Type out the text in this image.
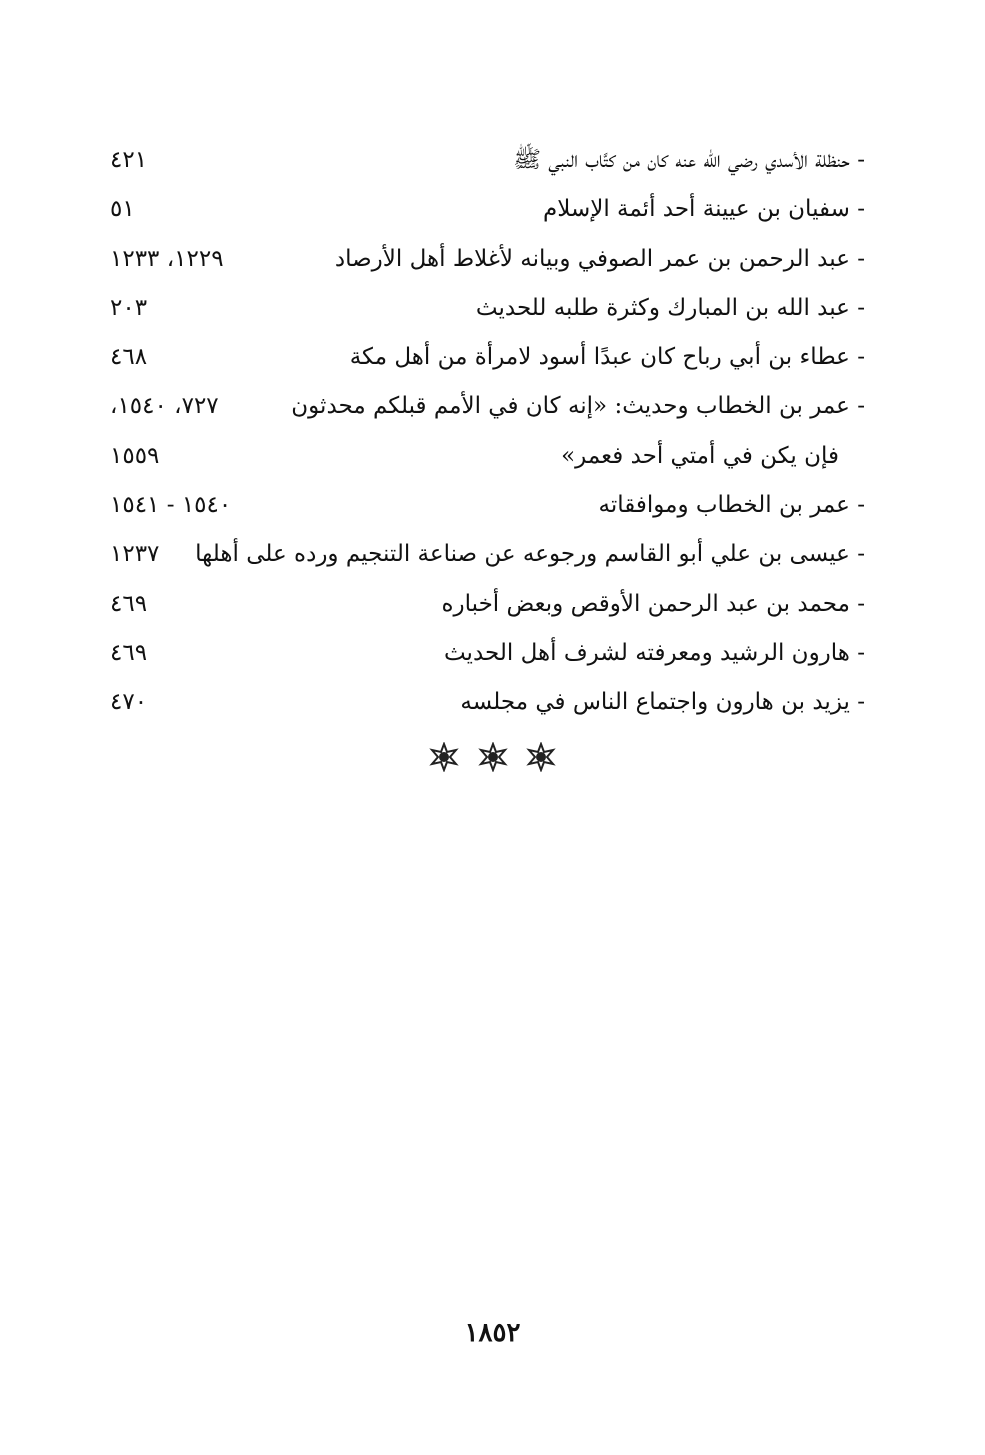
- حنظلة الأسدي رضي الله عنه كان من كتَّاب النبي ﷺ
٤٢١
- سفيان بن عيينة أحد أئمة الإسلام
٥١
- عبد الرحمن بن عمر الصوفي وبيانه لأغلاط أهل الأرصاد
١٢٢٩، ١٢٣٣
- عبد الله بن المبارك وكثرة طلبه للحديث
٢٠٣
- عطاء بن أبي رباح كان عبدًا أسود لامرأة من أهل مكة
٤٦٨
- عمر بن الخطاب وحديث: «إنه كان في الأمم قبلكم محدثون
٧٢٧، ١٥٤٠،
فإن يكن في أمتي أحد فعمر»
١٥٥٩
- عمر بن الخطاب وموافقاته
١٥٤٠ - ١٥٤١
- عيسى بن علي أبو القاسم ورجوعه عن صناعة التنجيم ورده على أهلها
١٢٣٧
- محمد بن عبد الرحمن الأوقص وبعض أخباره
٤٦٩
- هارون الرشيد ومعرفته لشرف أهل الحديث
٤٦٩
- يزيد بن هارون واجتماع الناس في مجلسه
٤٧٠

١٨٥٢
